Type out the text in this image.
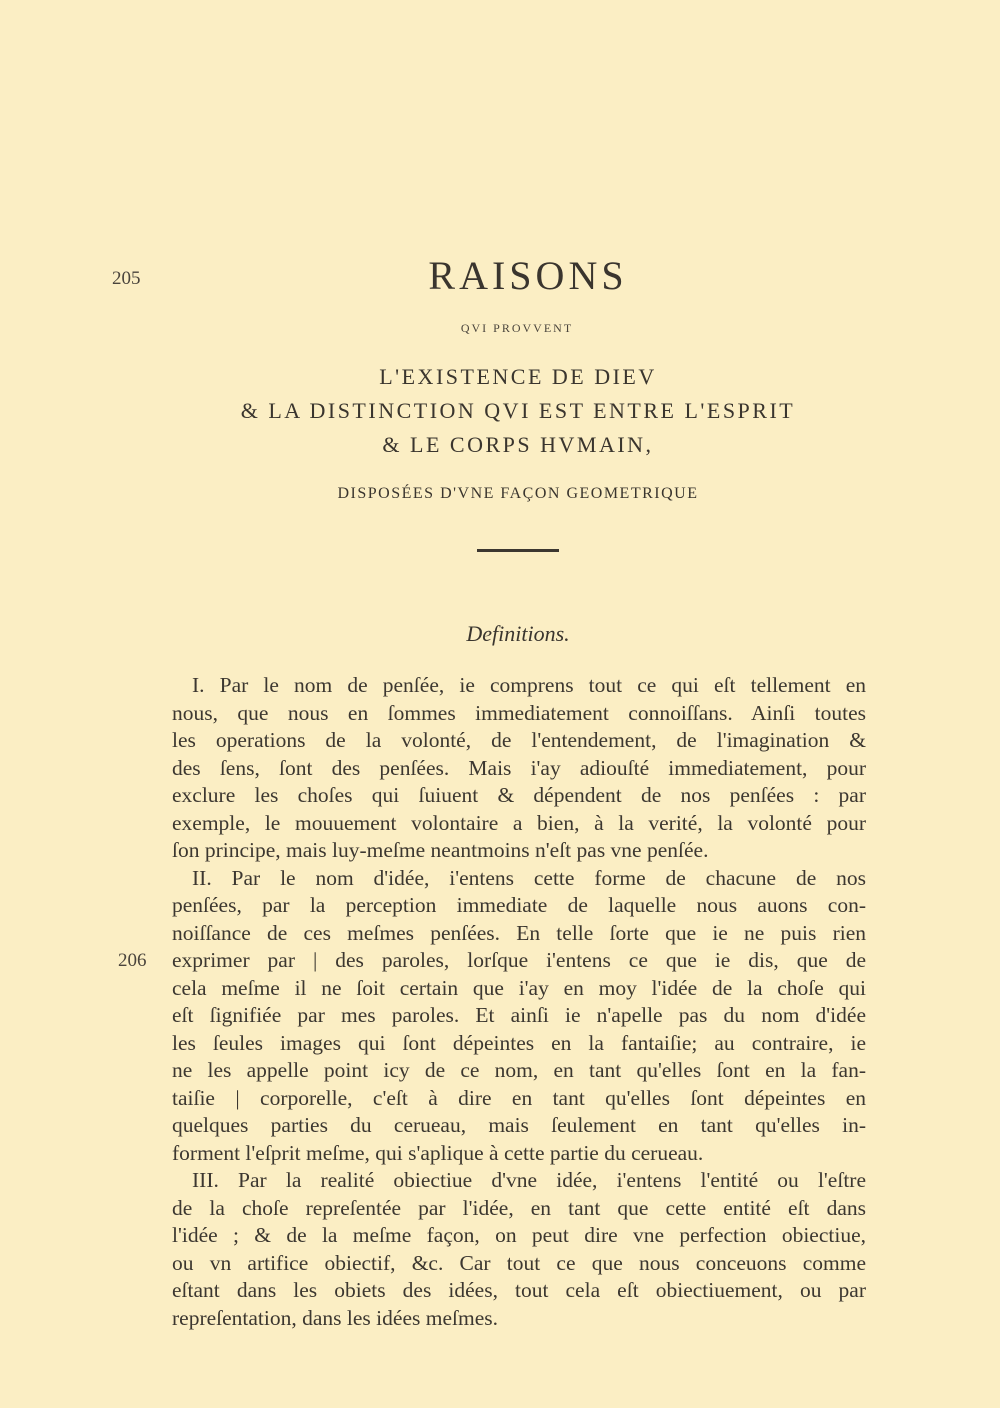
205	RAISONS
QVI PROVVENT
L'EXISTENCE DE DIEV
& LA DISTINCTION QVI EST ENTRE L'ESPRIT
& LE CORPS HVMAIN,
DISPOSÉES D'VNE FAÇON GEOMETRIQUE
Definitions.
206
I. Par le nom de penſée, ie comprens tout ce qui eſt tellement en
nous, que nous en ſommes immediatement connoiſſans. Ainſi toutes
les operations de la volonté, de l'entendement, de l'imagination &
des ſens, ſont des penſées. Mais i'ay adiouſté immediatement, pour
exclure les choſes qui ſuiuent & dépendent de nos penſées : par
exemple, le mouuement volontaire a bien, à la verité, la volonté pour
ſon principe, mais luy-meſme neantmoins n'eſt pas vne penſée.
II. Par le nom d'idée, i'entens cette forme de chacune de nos
penſées, par la perception immediate de laquelle nous auons con-
noiſſance de ces meſmes penſées. En telle ſorte que ie ne puis rien
exprimer par | des paroles, lorſque i'entens ce que ie dis, que de
cela meſme il ne ſoit certain que i'ay en moy l'idée de la choſe qui
eſt ſignifiée par mes paroles. Et ainſi ie n'apelle pas du nom d'idée
les ſeules images qui ſont dépeintes en la fantaiſie; au contraire, ie
ne les appelle point icy de ce nom, en tant qu'elles ſont en la fan-
taiſie | corporelle, c'eſt à dire en tant qu'elles ſont dépeintes en
quelques parties du cerueau, mais ſeulement en tant qu'elles in-
forment l'eſprit meſme, qui s'aplique à cette partie du cerueau.
III. Par la realité obiectiue d'vne idée, i'entens l'entité ou l'eſtre
de la choſe repreſentée par l'idée, en tant que cette entité eſt dans
l'idée ; & de la meſme façon, on peut dire vne perfection obiectiue,
ou vn artifice obiectif, &c. Car tout ce que nous conceuons comme
eſtant dans les obiets des idées, tout cela eſt obiectiuement, ou par
repreſentation, dans les idées meſmes.
